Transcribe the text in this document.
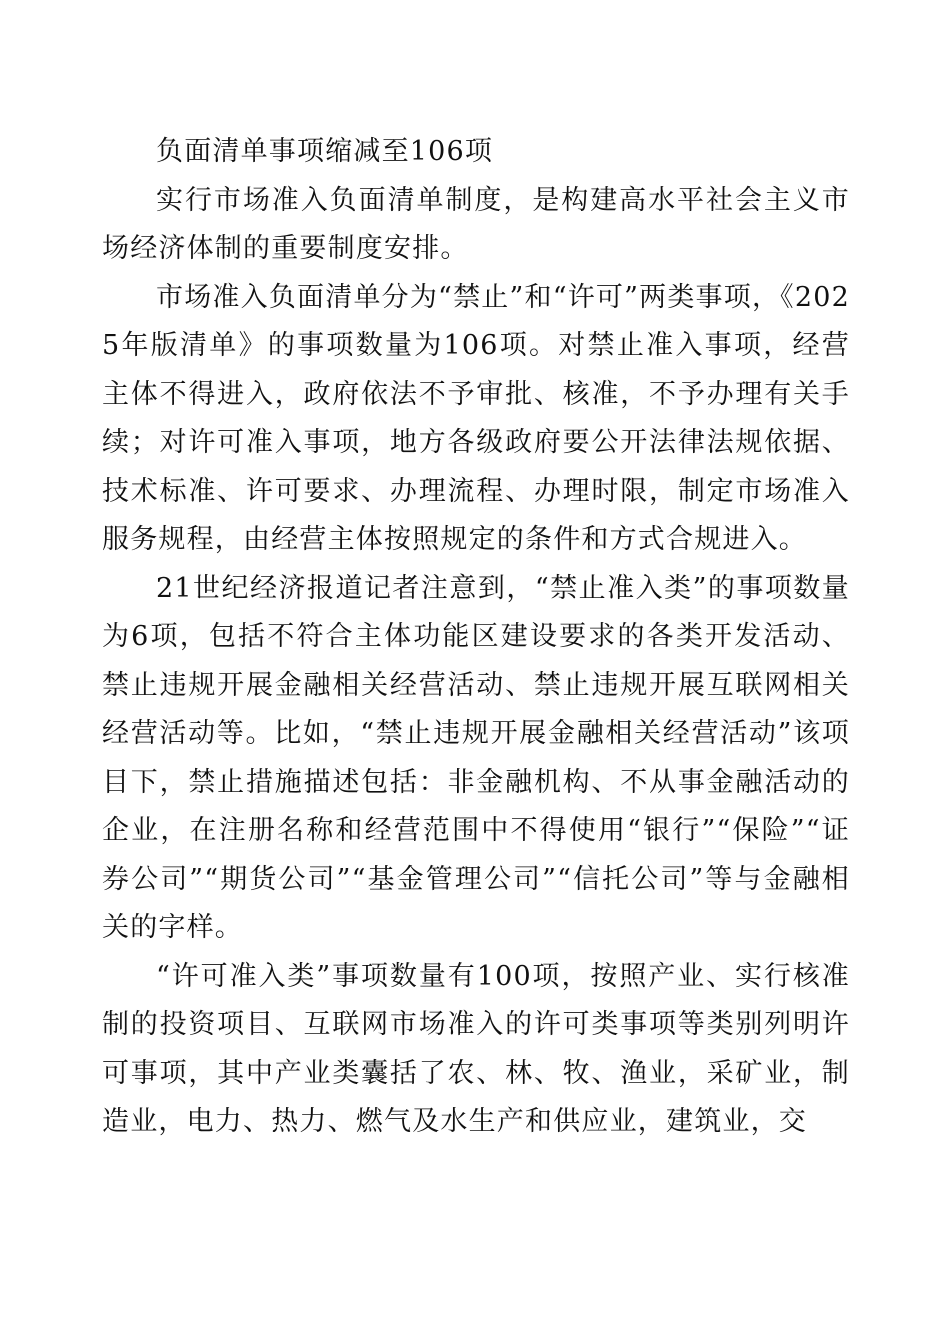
负面清单事项缩减至106项

实行市场准入负面清单制度，是构建高水平社会主义市场经济体制的重要制度安排。

市场准入负面清单分为“禁止”和“许可”两类事项，《2025年版清单》的事项数量为106项。对禁止准入事项，经营主体不得进入，政府依法不予审批、核准，不予办理有关手续；对许可准入事项，地方各级政府要公开法律法规依据、技术标准、许可要求、办理流程、办理时限，制定市场准入服务规程，由经营主体按照规定的条件和方式合规进入。

21世纪经济报道记者注意到，“禁止准入类”的事项数量为6项，包括不符合主体功能区建设要求的各类开发活动、禁止违规开展金融相关经营活动、禁止违规开展互联网相关经营活动等。比如，“禁止违规开展金融相关经营活动”该项目下，禁止措施描述包括：非金融机构、不从事金融活动的企业，在注册名称和经营范围中不得使用“银行”“保险”“证券公司”“期货公司”“基金管理公司”“信托公司”等与金融相关的字样。

“许可准入类”事项数量有100项，按照产业、实行核准制的投资项目、互联网市场准入的许可类事项等类别列明许可事项，其中产业类囊括了农、林、牧、渔业，采矿业，制造业，电力、热力、燃气及水生产和供应业，建筑业，交
